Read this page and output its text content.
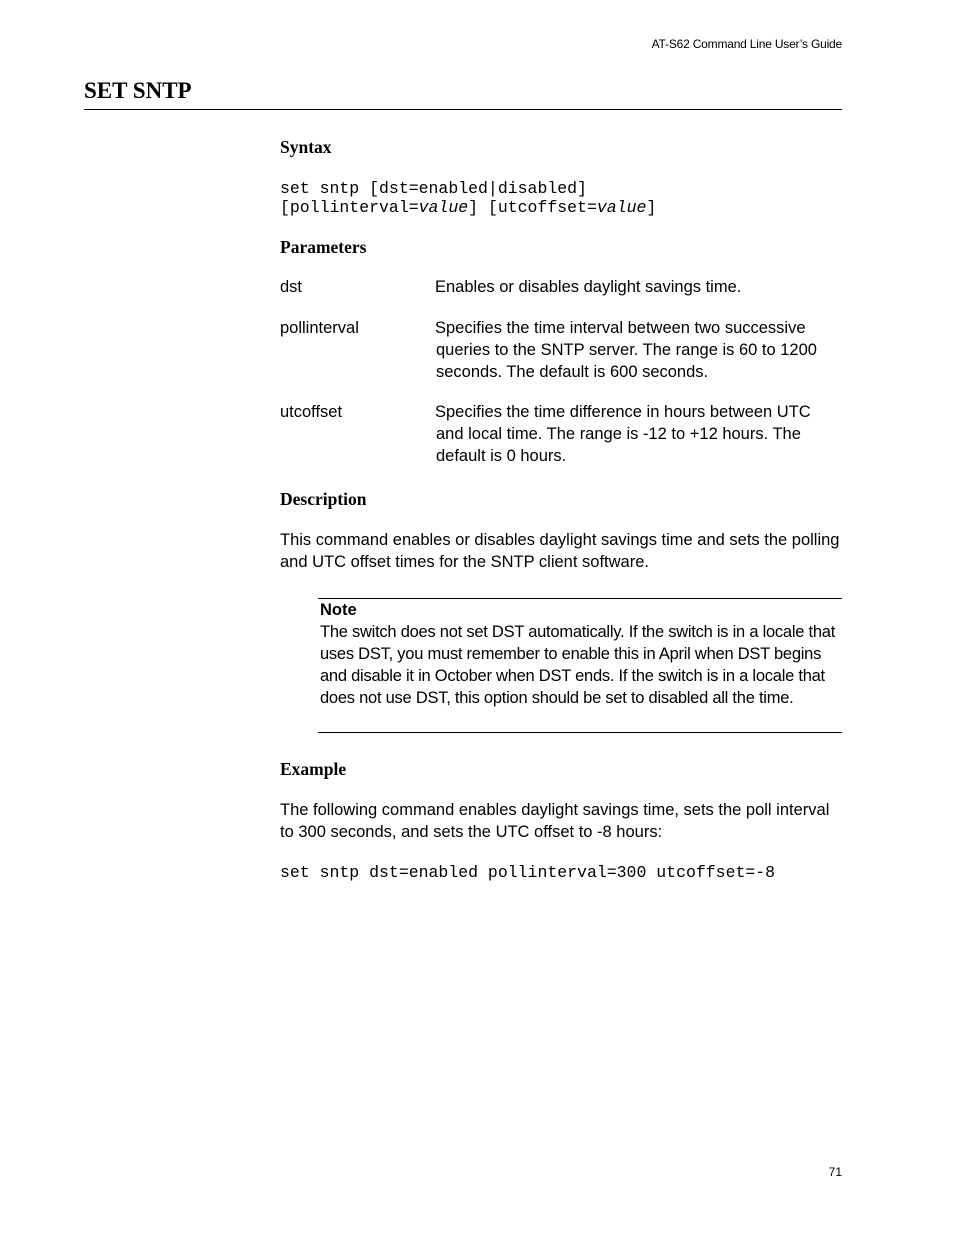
AT-S62 Command Line User’s Guide
SET SNTP
Syntax
set sntp [dst=enabled|disabled]
[pollinterval=value] [utcoffset=value]
Parameters
dst	Enables or disables daylight savings time.
pollinterval	Specifies the time interval between two successive
queries to the SNTP server. The range is 60 to 1200 seconds. The default is 600 seconds.
utcoffset	Specifies the time difference in hours between UTC
and local time. The range is -12 to +12 hours. The default is 0 hours.
Description
This command enables or disables daylight savings time and sets the polling and UTC offset times for the SNTP client software.
Note
The switch does not set DST automatically. If the switch is in a locale that uses DST, you must remember to enable this in April when DST begins and disable it in October when DST ends. If the switch is in a locale that does not use DST, this option should be set to disabled all the time.
Example
The following command enables daylight savings time, sets the poll interval to 300 seconds, and sets the UTC offset to -8 hours:
set sntp dst=enabled pollinterval=300 utcoffset=-8
71
